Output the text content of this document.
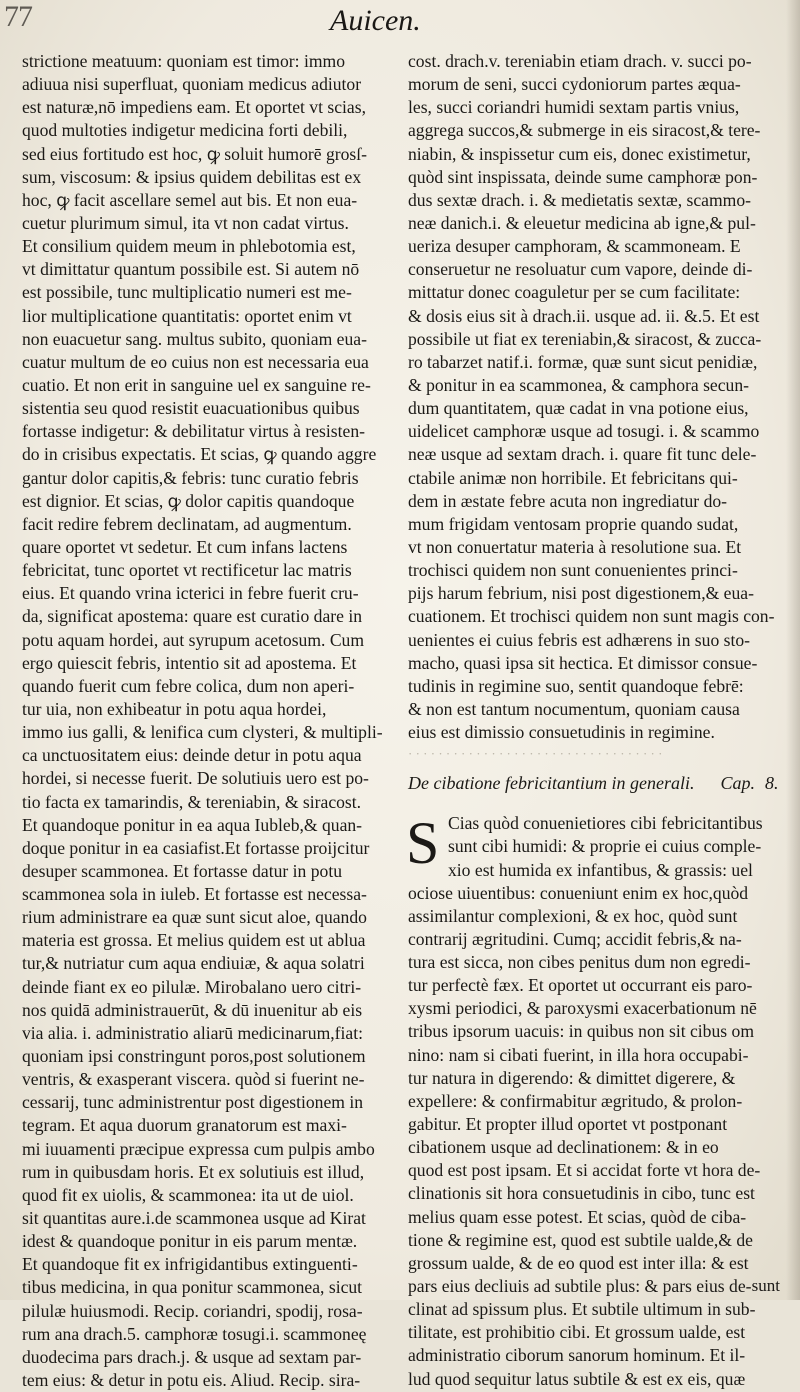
77	Auicen.
strictione meatuum: quoniam est timor: immo
adiuua nisi superfluat, quoniam medicus adiutor
est naturæ,nō impediens eam. Et oportet vt scias,
quod multoties indigetur medicina forti debili,
sed eius fortitudo est hoc, ꝙ soluit humorē grosſ-
sum, viscosum: & ipsius quidem debilitas est ex
hoc, ꝙ facit ascellare semel aut bis. Et non eua-
cuetur plurimum simul, ita vt non cadat virtus.
Et consilium quidem meum in phlebotomia est,
vt dimittatur quantum possibile est. Si autem nō
est possibile, tunc multiplicatio numeri est me-
lior multiplicatione quantitatis: oportet enim vt
non euacuetur sang. multus subito, quoniam eua-
cuatur multum de eo cuius non est necessaria eua
cuatio. Et non erit in sanguine uel ex sanguine re-
sistentia seu quod resistit euacuationibus quibus
fortasse indigetur: & debilitatur virtus à resisten-
do in crisibus expectatis. Et scias, ꝙ quando aggre
gantur dolor capitis,& febris: tunc curatio febris
est dignior. Et scias, ꝙ dolor capitis quandoque
facit redire febrem declinatam, ad augmentum.
quare oportet vt sedetur. Et cum infans lactens
febricitat, tunc oportet vt rectificetur lac matris
eius. Et quando vrina icterici in febre fuerit cru-
da, significat apostema: quare est curatio dare in
potu aquam hordei, aut syrupum acetosum. Cum
ergo quiescit febris, intentio sit ad apostema. Et
quando fuerit cum febre colica, dum non aperi-
tur uia, non exhibeatur in potu aqua hordei,
immo ius galli, & lenifica cum clysteri, & multipli-
ca unctuositatem eius: deinde detur in potu aqua
hordei, si necesse fuerit. De solutiuis uero est po-
tio facta ex tamarindis, & tereniabin, & siracost.
Et quandoque ponitur in ea aqua Iubleb,& quan-
doque ponitur in ea casiafist.Et fortasse proijcitur
desuper scammonea. Et fortasse datur in potu
scammonea sola in iuleb. Et fortasse est necessa-
rium administrare ea quæ sunt sicut aloe, quando
materia est grossa. Et melius quidem est ut ablua
tur,& nutriatur cum aqua endiuiæ, & aqua solatri
deinde fiant ex eo pilulæ. Mirobalano uero citri-
nos quidā administrauerūt, & dū inuenitur ab eis
via alia. i. administratio aliarū medicinarum,fiat:
quoniam ipsi constringunt poros,post solutionem
ventris, & exasperant viscera. quòd si fuerint ne-
cessarij, tunc administrentur post digestionem in
tegram. Et aqua duorum granatorum est maxi-
mi iuuamenti præcipue expressa cum pulpis ambo
rum in quibusdam horis. Et ex solutiuis est illud,
quod fit ex uiolis, & scammonea: ita ut de uiol.
sit quantitas aure.i.de scammonea usque ad Kirat
idest & quandoque ponitur in eis parum mentæ.
Et quandoque fit ex infrigidantibus extinguenti-
tibus medicina, in qua ponitur scammonea, sicut
pilulæ huiusmodi. Recip. coriandri, spodij, rosa-
rum ana drach.5. camphoræ tosugi.i. scammoneę
duodecima pars drach.j. & usque ad sextam par-
tem eius: & detur in potu eis. Aliud. Recip. sira-
cost. drach.v. tereniabin etiam drach. v. succi po-
morum de seni, succi cydoniorum partes æqua-
les, succi coriandri humidi sextam partis vnius,
aggrega succos,& submerge in eis siracost,& tere-
niabin, & inspissetur cum eis, donec existimetur,
quòd sint inspissata, deinde sume camphoræ pon-
dus sextæ drach. i. & medietatis sextæ, scammo-
neæ danich.i. & eleuetur medicina ab igne,& pul-
ueriza desuper camphoram, & scammoneam. E
conseruetur ne resoluatur cum vapore, deinde di-
mittatur donec coaguletur per se cum facilitate:
& dosis eius sit à drach.ii. usque ad. ii. &.5. Et est
possibile ut fiat ex tereniabin,& siracost, & zucca-
ro tabarzet natif.i. formæ, quæ sunt sicut penidiæ,
& ponitur in ea scammonea, & camphora secun-
dum quantitatem, quæ cadat in vna potione eius,
uidelicet camphoræ usque ad tosugi. i. & scammo
neæ usque ad sextam drach. i. quare fit tunc dele-
ctabile animæ non horribile. Et febricitans qui-
dem in æstate febre acuta non ingrediatur do-
mum frigidam ventosam proprie quando sudat,
vt non conuertatur materia à resolutione sua. Et
trochisci quidem non sunt conuenientes princi-
pijs harum febrium, nisi post digestionem,& eua-
cuationem. Et trochisci quidem non sunt magis con-
uenientes ei cuius febris est adhærens in suo sto-
macho, quasi ipsa sit hectica. Et dimissor consue-
tudinis in regimine suo, sentit quandoque febrē:
& non est tantum nocumentum, quoniam causa
eius est dimissio consuetudinis in regimine.
· · · · · · · · · · · · · · · · · · · · · · · · · · · · · · · · · ·
De cibatione febricitantium in generali. Cap. 8.
S Cias quòd conuenietiores cibi febricitantibus
sunt cibi humidi: & proprie ei cuius comple-
xio est humida ex infantibus, & grassis: uel
ociose uiuentibus: conueniunt enim ex hoc,quòd
assimilantur complexioni, & ex hoc, quòd sunt
contrarij ægritudini. Cumq; accidit febris,& na-
tura est sicca, non cibes penitus dum non egredi-
tur perfectè fæx. Et oportet ut occurrant eis paro-
xysmi periodici, & paroxysmi exacerbationum nē
tribus ipsorum uacuis: in quibus non sit cibus om
nino: nam si cibati fuerint, in illa hora occupabi-
tur natura in digerendo: & dimittet digerere, &
expellere: & confirmabitur ægritudo, & prolon-
gabitur. Et propter illud oportet vt postponant
cibationem usque ad declinationem: & in eo
quod est post ipsam. Et si accidat forte vt hora de-
clinationis sit hora consuetudinis in cibo, tunc est
melius quam esse potest. Et scias, quòd de ciba-
tione & regimine est, quod est subtile ualde,& de
grossum ualde, & de eo quod est inter illa: & est
pars eius decliuis ad subtile plus: & pars eius de-
clinat ad spissum plus. Et subtile ultimum in sub-
tilitate, est prohibitio cibi. Et grossum ualde, est
administratio ciborum sanorum hominum. Et il-
lud quod sequitur latus subtile & est ex eis, quæ
sunt
